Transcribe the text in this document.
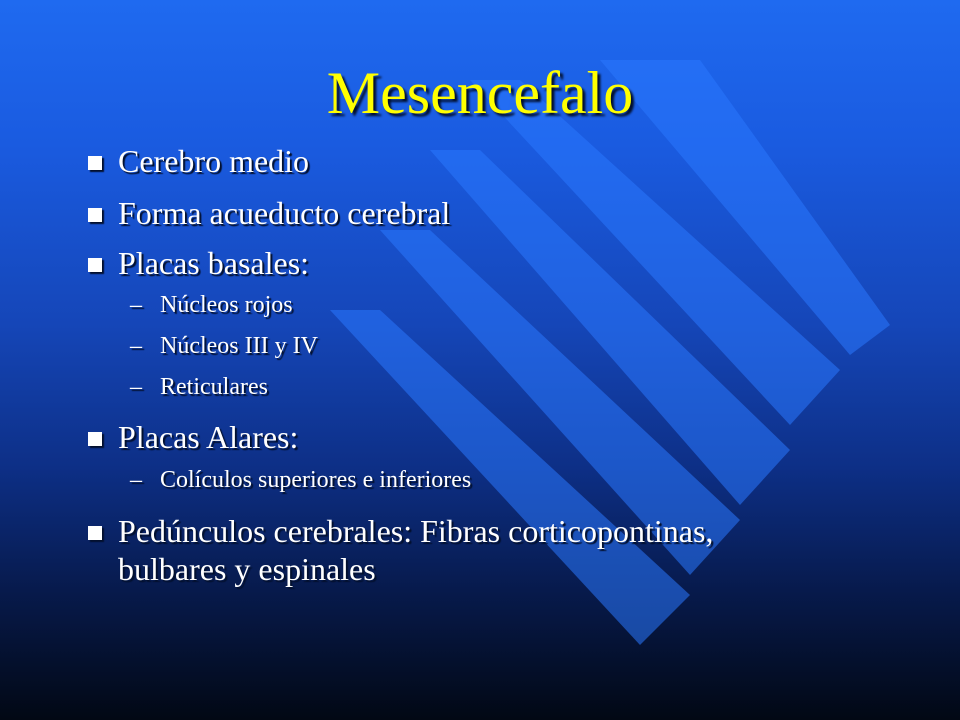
Mesencefalo
Cerebro medio
Forma acueducto cerebral
Placas basales:
– Núcleos rojos
– Núcleos III y IV
– Reticulares
Placas Alares:
– Colículos superiores e inferiores
Pedúnculos cerebrales: Fibras corticopontinas,
bulbares y espinales
